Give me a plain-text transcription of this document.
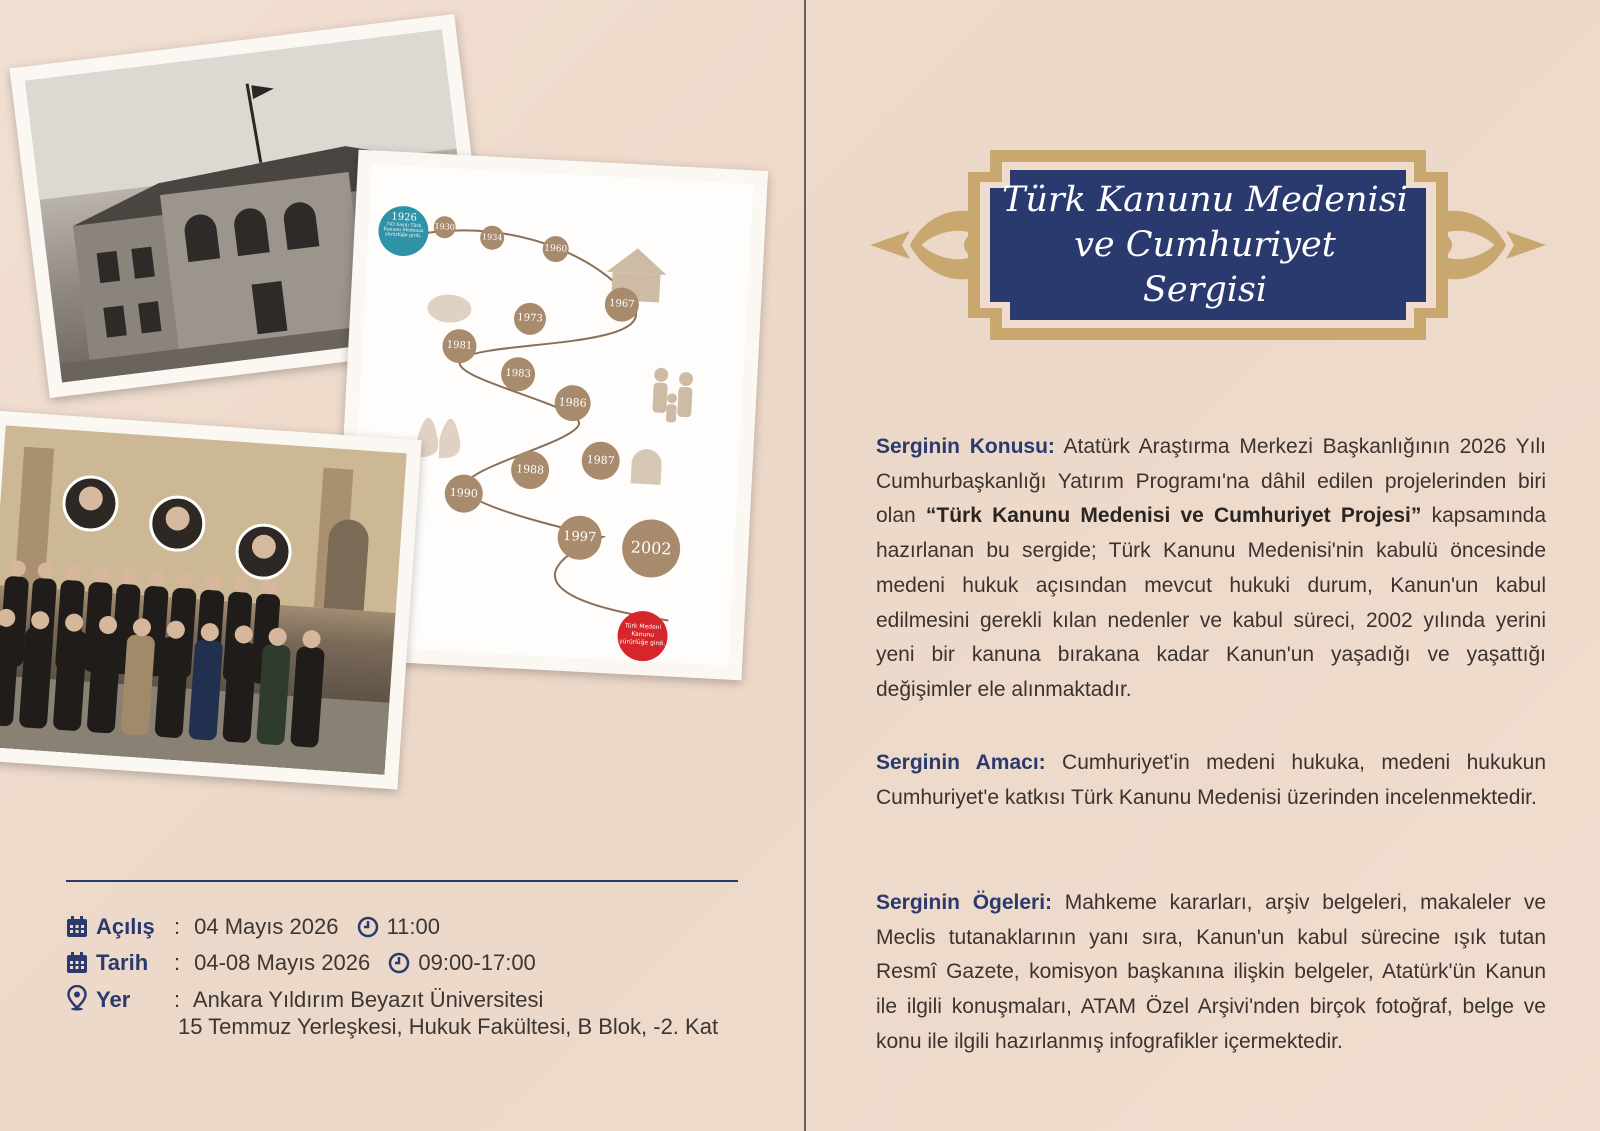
1926
743 Sayılı Türk Kanunu Medenisi yürürlüğe girdi.
1930
1934
1960
1967
1973
1981
1983
1986
1987
1988
1990
1997
2002
Türk Medeni Kanunu yürürlüğe girdi.
Açılış : 04 Mayıs 2026 11:00
Tarih : 04-08 Mayıs 2026 09:00-17:00
Yer : Ankara Yıldırım Beyazıt Üniversitesi
15 Temmuz Yerleşkesi, Hukuk Fakültesi, B Blok, -2. Kat
Türk Kanunu Medenisi
ve Cumhuriyet
Sergisi

Serginin Konusu: Atatürk Araştırma Merkezi Başkanlığının 2026 Yılı Cumhurbaşkanlığı Yatırım Programı'na dâhil edilen projelerinden biri olan “Türk Kanunu Medenisi ve Cumhuriyet Projesi” kapsamında hazırlanan bu sergide; Türk Kanunu Medenisi'nin kabulü öncesinde medeni hukuk açısından mevcut hukuki durum, Kanun'un kabul edilmesini gerekli kılan nedenler ve kabul süreci, 2002 yılında yerini yeni bir kanuna bırakana kadar Kanun'un yaşadığı ve yaşattığı değişimler ele alınmaktadır.

Serginin Amacı: Cumhuriyet'in medeni hukuka, medeni hukukun Cumhuriyet'e katkısı Türk Kanunu Medenisi üzerinden incelenmektedir.

Serginin Ögeleri: Mahkeme kararları, arşiv belgeleri, makaleler ve Meclis tutanaklarının yanı sıra, Kanun'un kabul sürecine ışık tutan Resmî Gazete, komisyon başkanına ilişkin belgeler, Atatürk'ün Kanun ile ilgili konuşmaları, ATAM Özel Arşivi'nden birçok fotoğraf, belge ve konu ile ilgili hazırlanmış infografikler içermektedir.
